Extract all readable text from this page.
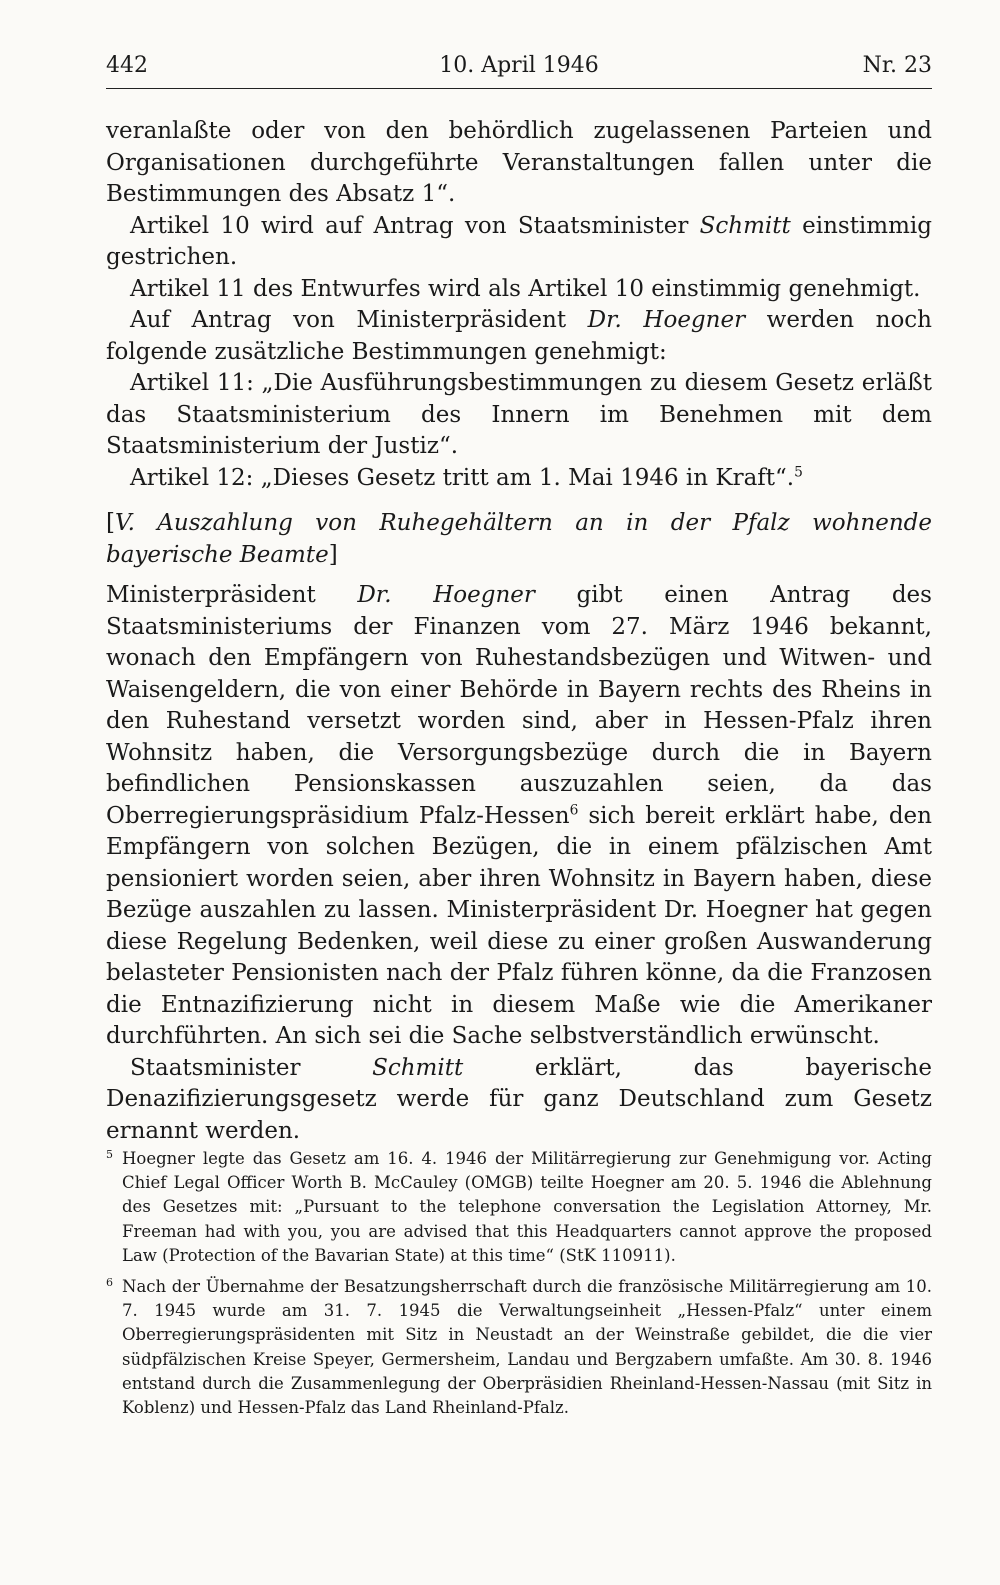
442	10. April 1946	Nr. 23

veranlaßte oder von den behördlich zugelassenen Parteien und Organisationen durchgeführte Veranstaltungen fallen unter die Bestimmungen des Absatz 1“.

Artikel 10 wird auf Antrag von Staatsminister Schmitt einstimmig gestrichen.

Artikel 11 des Entwurfes wird als Artikel 10 einstimmig genehmigt.

Auf Antrag von Ministerpräsident Dr. Hoegner werden noch folgende zusätzliche Bestimmungen genehmigt:

Artikel 11: „Die Ausführungsbestimmungen zu diesem Gesetz erläßt das Staatsministerium des Innern im Benehmen mit dem Staatsministerium der Justiz“.

Artikel 12: „Dieses Gesetz tritt am 1. Mai 1946 in Kraft“.$^5$

[V. Auszahlung von Ruhegehältern an in der Pfalz wohnende bayerische Beamte]

Ministerpräsident Dr. Hoegner gibt einen Antrag des Staatsministeriums der Finanzen vom 27. März 1946 bekannt, wonach den Empfängern von Ruhestandsbezügen und Witwen- und Waisengeldern, die von einer Behörde in Bayern rechts des Rheins in den Ruhestand versetzt worden sind, aber in Hessen-Pfalz ihren Wohnsitz haben, die Versorgungsbezüge durch die in Bayern befindlichen Pensionskassen auszuzahlen seien, da das Oberregierungspräsidium Pfalz-Hessen$^6$ sich bereit erklärt habe, den Empfängern von solchen Bezügen, die in einem pfälzischen Amt pensioniert worden seien, aber ihren Wohnsitz in Bayern haben, diese Bezüge auszahlen zu lassen. Ministerpräsident Dr. Hoegner hat gegen diese Regelung Bedenken, weil diese zu einer großen Auswanderung belasteter Pensionisten nach der Pfalz führen könne, da die Franzosen die Entnazifizierung nicht in diesem Maße wie die Amerikaner durchführten. An sich sei die Sache selbstverständlich erwünscht.

Staatsminister Schmitt erklärt, das bayerische Denazifizierungsgesetz werde für ganz Deutschland zum Gesetz ernannt werden.

5 Hoegner legte das Gesetz am 16. 4. 1946 der Militärregierung zur Genehmigung vor. Acting Chief Legal Officer Worth B. McCauley (OMGB) teilte Hoegner am 20. 5. 1946 die Ablehnung des Gesetzes mit: „Pursuant to the telephone conversation the Legislation Attorney, Mr. Freeman had with you, you are advised that this Headquarters cannot approve the proposed Law (Protection of the Bavarian State) at this time“ (StK 110911).

6 Nach der Übernahme der Besatzungsherrschaft durch die französische Militärregierung am 10. 7. 1945 wurde am 31. 7. 1945 die Verwaltungseinheit „Hessen-Pfalz“ unter einem Oberregierungspräsidenten mit Sitz in Neustadt an der Weinstraße gebildet, die die vier südpfälzischen Kreise Speyer, Germersheim, Landau und Bergzabern umfaßte. Am 30. 8. 1946 entstand durch die Zusammenlegung der Oberpräsidien Rheinland-Hessen-Nassau (mit Sitz in Koblenz) und Hessen-Pfalz das Land Rheinland-Pfalz.
